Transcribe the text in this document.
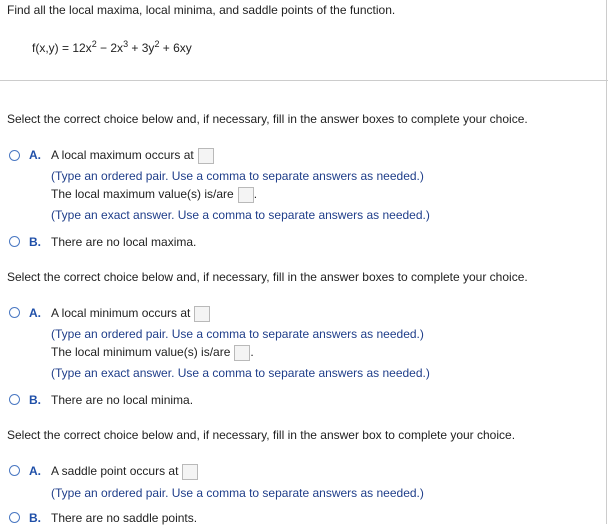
Find all the local maxima, local minima, and saddle points of the function.
$f(x,y) = 12x^2 - 2x^3 + 3y^2 + 6xy$
Select the correct choice below and, if necessary, fill in the answer boxes to complete your choice.
A. A local maximum occurs at
(Type an ordered pair. Use a comma to separate answers as needed.)
The local maximum value(s) is/are .
(Type an exact answer. Use a comma to separate answers as needed.)
B. There are no local maxima.
Select the correct choice below and, if necessary, fill in the answer boxes to complete your choice.
A. A local minimum occurs at
(Type an ordered pair. Use a comma to separate answers as needed.)
The local minimum value(s) is/are .
(Type an exact answer. Use a comma to separate answers as needed.)
B. There are no local minima.
Select the correct choice below and, if necessary, fill in the answer box to complete your choice.
A. A saddle point occurs at
(Type an ordered pair. Use a comma to separate answers as needed.)
B. There are no saddle points.
